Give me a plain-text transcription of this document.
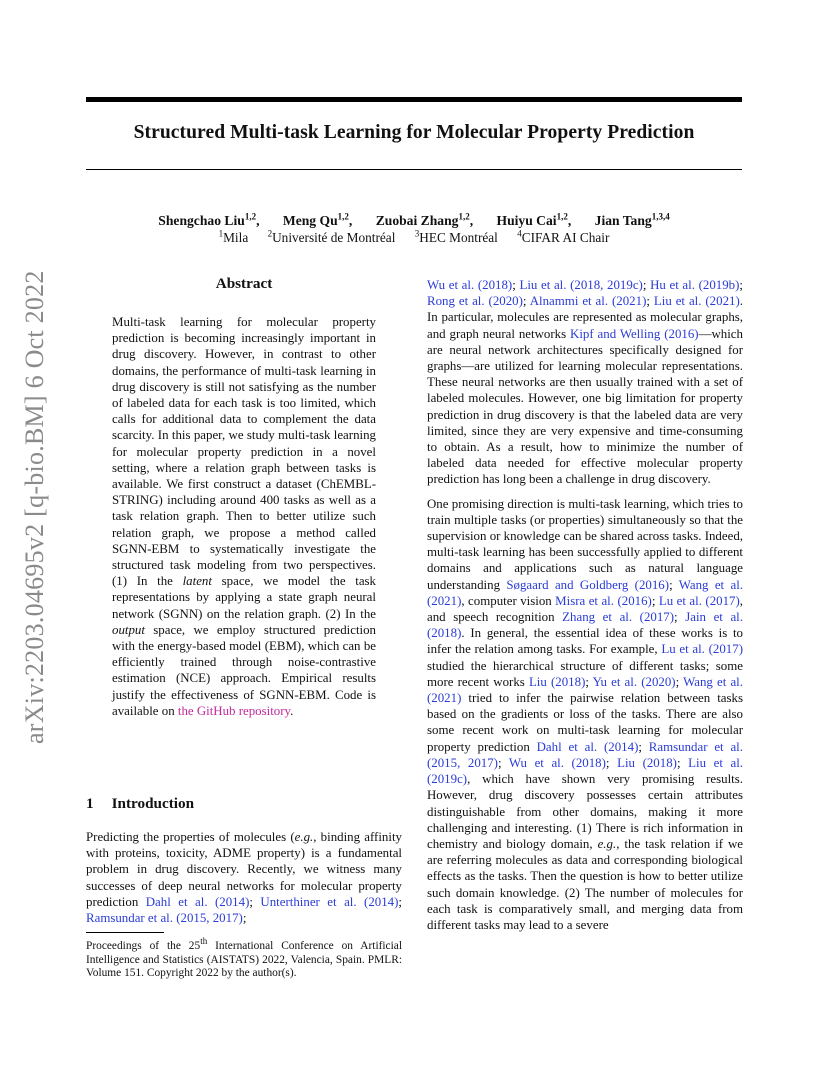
Structured Multi-task Learning for Molecular Property Prediction
Shengchao Liu$^{1,2}$, Meng Qu$^{1,2}$, Zuobai Zhang$^{1,2}$, Huiyu Cai$^{1,2}$, Jian Tang$^{1,3,4}$
$^1$Mila $^2$Université de Montréal $^3$HEC Montréal $^4$CIFAR AI Chair
arXiv:2203.04695v2 [q-bio.BM] 6 Oct 2022	Abstract
Multi-task learning for molecular property prediction is becoming increasingly important in drug discovery. However, in contrast to other domains, the performance of multi-task learning in drug discovery is still not satisfying as the number of labeled data for each task is too limited, which calls for additional data to complement the data scarcity. In this paper, we study multi-task learning for molecular property prediction in a novel setting, where a relation graph between tasks is available. We first construct a dataset (ChEMBL-STRING) including around 400 tasks as well as a task relation graph. Then to better utilize such relation graph, we propose a method called SGNN-EBM to systematically investigate the structured task modeling from two perspectives. (1) In the latent space, we model the task representations by applying a state graph neural network (SGNN) on the relation graph. (2) In the output space, we employ structured prediction with the energy-based model (EBM), which can be efficiently trained through noise-contrastive estimation (NCE) approach. Empirical results justify the effectiveness of SGNN-EBM. Code is available on the GitHub repository.
1 Introduction
Predicting the properties of molecules (e.g., binding affinity with proteins, toxicity, ADME property) is a fundamental problem in drug discovery. Recently, we witness many successes of deep neural networks for molecular property prediction Dahl et al. (2014); Unterthiner et al. (2014); Ramsundar et al. (2015, 2017);
Proceedings of the 25th International Conference on Artificial Intelligence and Statistics (AISTATS) 2022, Valencia, Spain. PMLR: Volume 151. Copyright 2022 by the author(s).

Wu et al. (2018); Liu et al. (2018, 2019c); Hu et al. (2019b); Rong et al. (2020); Alnammi et al. (2021); Liu et al. (2021). In particular, molecules are represented as molecular graphs, and graph neural networks Kipf and Welling (2016)—which are neural network architectures specifically designed for graphs—are utilized for learning molecular representations. These neural networks are then usually trained with a set of labeled molecules. However, one big limitation for property prediction in drug discovery is that the labeled data are very limited, since they are very expensive and time-consuming to obtain. As a result, how to minimize the number of labeled data needed for effective molecular property prediction has long been a challenge in drug discovery.

One promising direction is multi-task learning, which tries to train multiple tasks (or properties) simultaneously so that the supervision or knowledge can be shared across tasks. Indeed, multi-task learning has been successfully applied to different domains and applications such as natural language understanding Søgaard and Goldberg (2016); Wang et al. (2021), computer vision Misra et al. (2016); Lu et al. (2017), and speech recognition Zhang et al. (2017); Jain et al. (2018). In general, the essential idea of these works is to infer the relation among tasks. For example, Lu et al. (2017) studied the hierarchical structure of different tasks; some more recent works Liu (2018); Yu et al. (2020); Wang et al. (2021) tried to infer the pairwise relation between tasks based on the gradients or loss of the tasks. There are also some recent work on multi-task learning for molecular property prediction Dahl et al. (2014); Ramsundar et al. (2015, 2017); Wu et al. (2018); Liu (2018); Liu et al. (2019c), which have shown very promising results. However, drug discovery possesses certain attributes distinguishable from other domains, making it more challenging and interesting. (1) There is rich information in chemistry and biology domain, e.g., the task relation if we are referring molecules as data and corresponding biological effects as the tasks. Then the question is how to better utilize such domain knowledge. (2) The number of molecules for each task is comparatively small, and merging data from different tasks may lead to a severe
